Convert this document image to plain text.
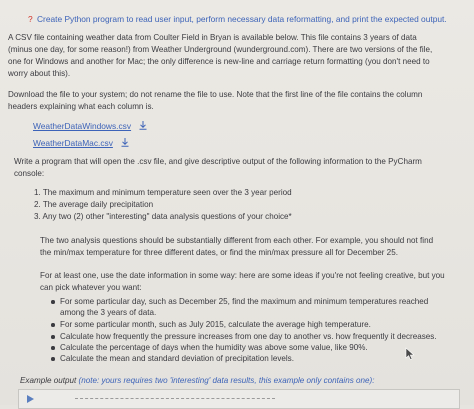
? Create Python program to read user input, perform necessary data reformatting, and print the expected output.
A CSV file containing weather data from Coulter Field in Bryan is available below. This file contains 3 years of data
(minus one day, for some reason!) from Weather Underground (wunderground.com). There are two versions of the file,
one for Windows and another for Mac; the only difference is new-line and carriage return formatting (you don't need to
worry about this).
Download the file to your system; do not rename the file to use. Note that the first line of the file contains the column
headers explaining what each column is.
WeatherDataWindows.csv
WeatherDataMac.csv
Write a program that will open the .csv file, and give descriptive output of the following information to the PyCharm
console:
1. The maximum and minimum temperature seen over the 3 year period
2. The average daily precipitation
3. Any two (2) other "interesting" data analysis questions of your choice*
The two analysis questions should be substantially different from each other. For example, you should not find
the min/max temperature for three different dates, or find the min/max pressure all for December 25.
For at least one, use the date information in some way: here are some ideas if you're not feeling creative, but you
can pick whatever you want:
For some particular day, such as December 25, find the maximum and minimum temperatures reached
among the 3 years of data.
For some particular month, such as July 2015, calculate the average high temperature.
Calculate how frequently the pressure increases from one day to another vs. how frequently it decreases.
Calculate the percentage of days when the humidity was above some value, like 90%.
Calculate the mean and standard deviation of precipitation levels.
Example output (note: yours requires two 'interesting' data results, this example only contains one):
